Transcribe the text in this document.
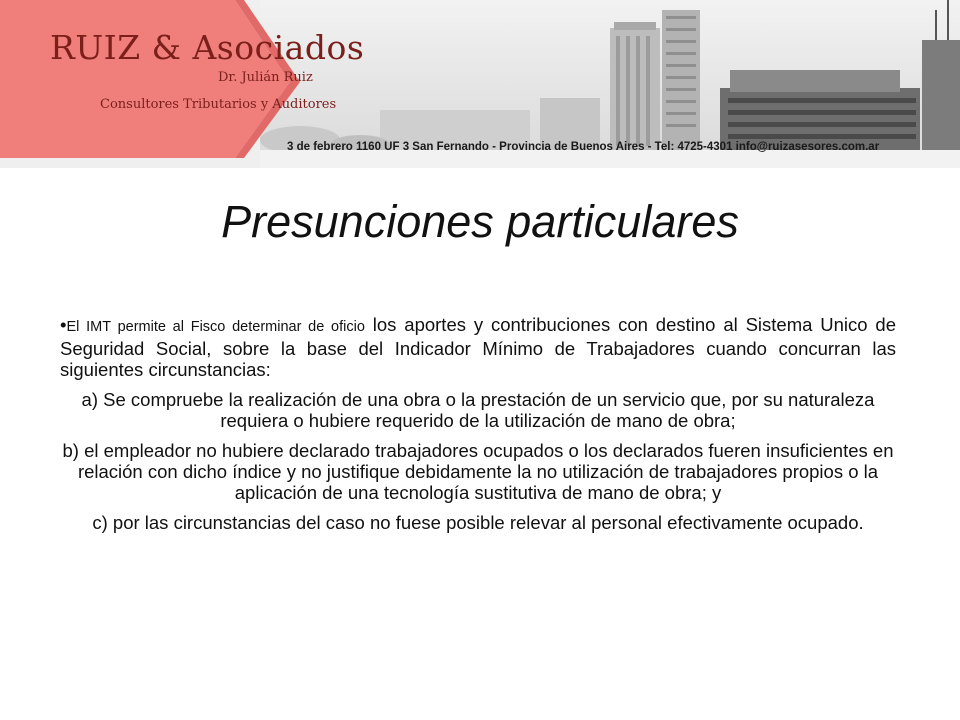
RUIZ & Asociados
Dr. Julián Ruiz
Consultores Tributarios y Auditores
3 de febrero 1160 UF 3 San Fernando - Provincia de Buenos Aires - Tel: 4725-4301 info@ruizasesores.com.ar
Presunciones particulares

•El IMT permite al Fisco determinar de oficio los aportes y contribuciones con destino al Sistema Unico de Seguridad Social, sobre la base del Indicador Mínimo de Trabajadores cuando concurran las siguientes circunstancias:

a) Se compruebe la realización de una obra o la prestación de un servicio que, por su naturaleza requiera o hubiere requerido de la utilización de mano de obra;

b) el empleador no hubiere declarado trabajadores ocupados o los declarados fueren insuficientes en relación con dicho índice y no justifique debidamente la no utilización de trabajadores propios o la aplicación de una tecnología sustitutiva de mano de obra; y

c) por las circunstancias del caso no fuese posible relevar al personal efectivamente ocupado.
